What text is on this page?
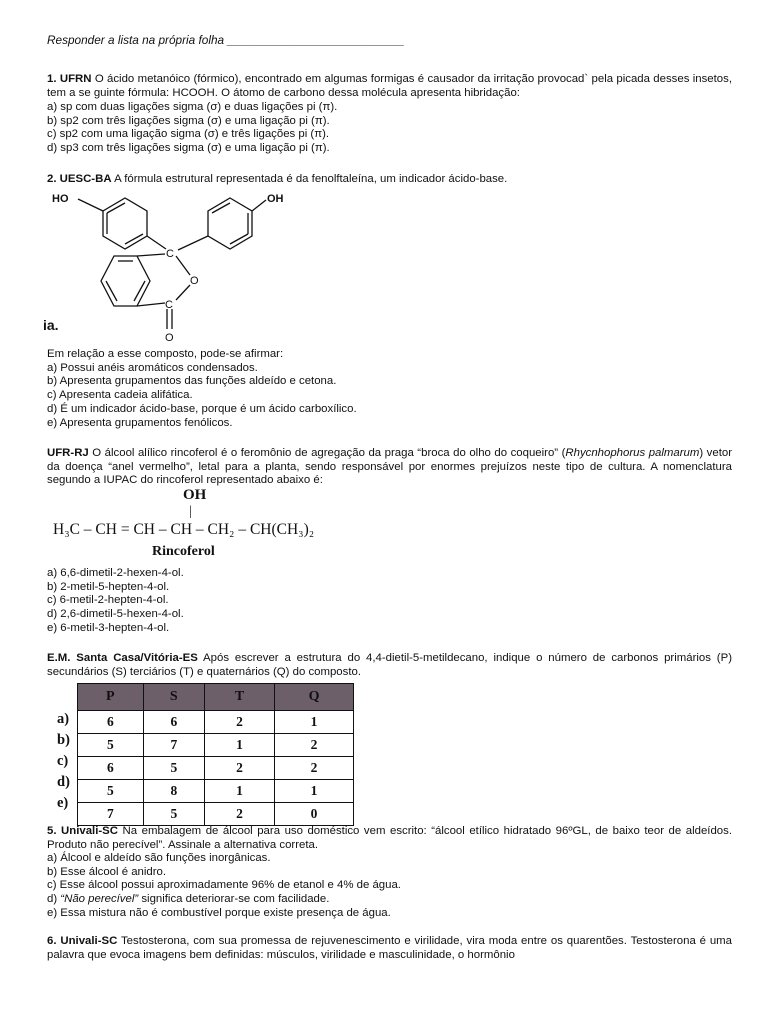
Responder a lista na própria folha ___________________________
1. UFRN O ácido metanóico (fórmico), encontrado em algumas formigas é causador da irritação provocad` pela picada desses insetos, tem a se guinte fórmula: HCOOH. O átomo de carbono dessa molécula apresenta hibridação:
a) sp com duas ligações sigma (σ) e duas ligações pi (π).
b) sp2 com três ligações sigma (σ) e uma ligação pi (π).
c) sp2 com uma ligação sigma (σ) e três ligações pi (π).
d) sp3 com três ligações sigma (σ) e uma ligação pi (π).
2. UESC-BA A fórmula estrutural representada é da fenolftaleína, um indicador ácido-base.
HO	OH
C
O
C
O
ia.
Em relação a esse composto, pode-se afirmar:
a) Possui anéis aromáticos condensados.
b) Apresenta grupamentos das funções aldeído e cetona.
c) Apresenta cadeia alifática.
d) É um indicador ácido-base, porque é um ácido carboxílico.
e) Apresenta grupamentos fenólicos.
UFR-RJ O álcool alílico rincoferol é o feromônio de agregação da praga “broca do olho do coqueiro” (Rhycnhophorus palmarum) vetor da doença “anel vermelho”, letal para a planta, sendo responsável por enormes prejuízos neste tipo de cultura. A nomenclatura segundo a IUPAC do rincoferol representado abaixo é:
OH
|
H₃C – CH = CH – CH – CH₂ – CH(CH₃)₂
Rincoferol
a) 6,6-dimetil-2-hexen-4-ol.
b) 2-metil-5-hepten-4-ol.
c) 6-metil-2-hepten-4-ol.
d) 2,6-dimetil-5-hexen-4-ol.
e) 6-metil-3-hepten-4-ol.
E.M. Santa Casa/Vitória-ES Após escrever a estrutura do 4,4-dietil-5-metildecano, indique o número de carbonos primários (P) secundários (S) terciários (T) e quaternários (Q) do composto.
a)
b)
c)
d)
e)
P	S	T	Q
6	6	2	1
5	7	1	2
6	5	2	2
5	8	1	1
7	5	2	0
5. Univali-SC Na embalagem de álcool para uso doméstico vem escrito: “álcool etílico hidratado 96ºGL, de baixo teor de aldeídos. Produto não perecível”. Assinale a alternativa correta.
a) Álcool e aldeído são funções inorgânicas.
b) Esse álcool é anidro.
c) Esse álcool possui aproximadamente 96% de etanol e 4% de água.
d) “Não perecível” significa deteriorar-se com facilidade.
e) Essa mistura não é combustível porque existe presença de água.
6. Univali-SC Testosterona, com sua promessa de rejuvenescimento e virilidade, vira moda entre os quarentões. Testosterona é uma palavra que evoca imagens bem definidas: músculos, virilidade e masculinidade, o hormônio
